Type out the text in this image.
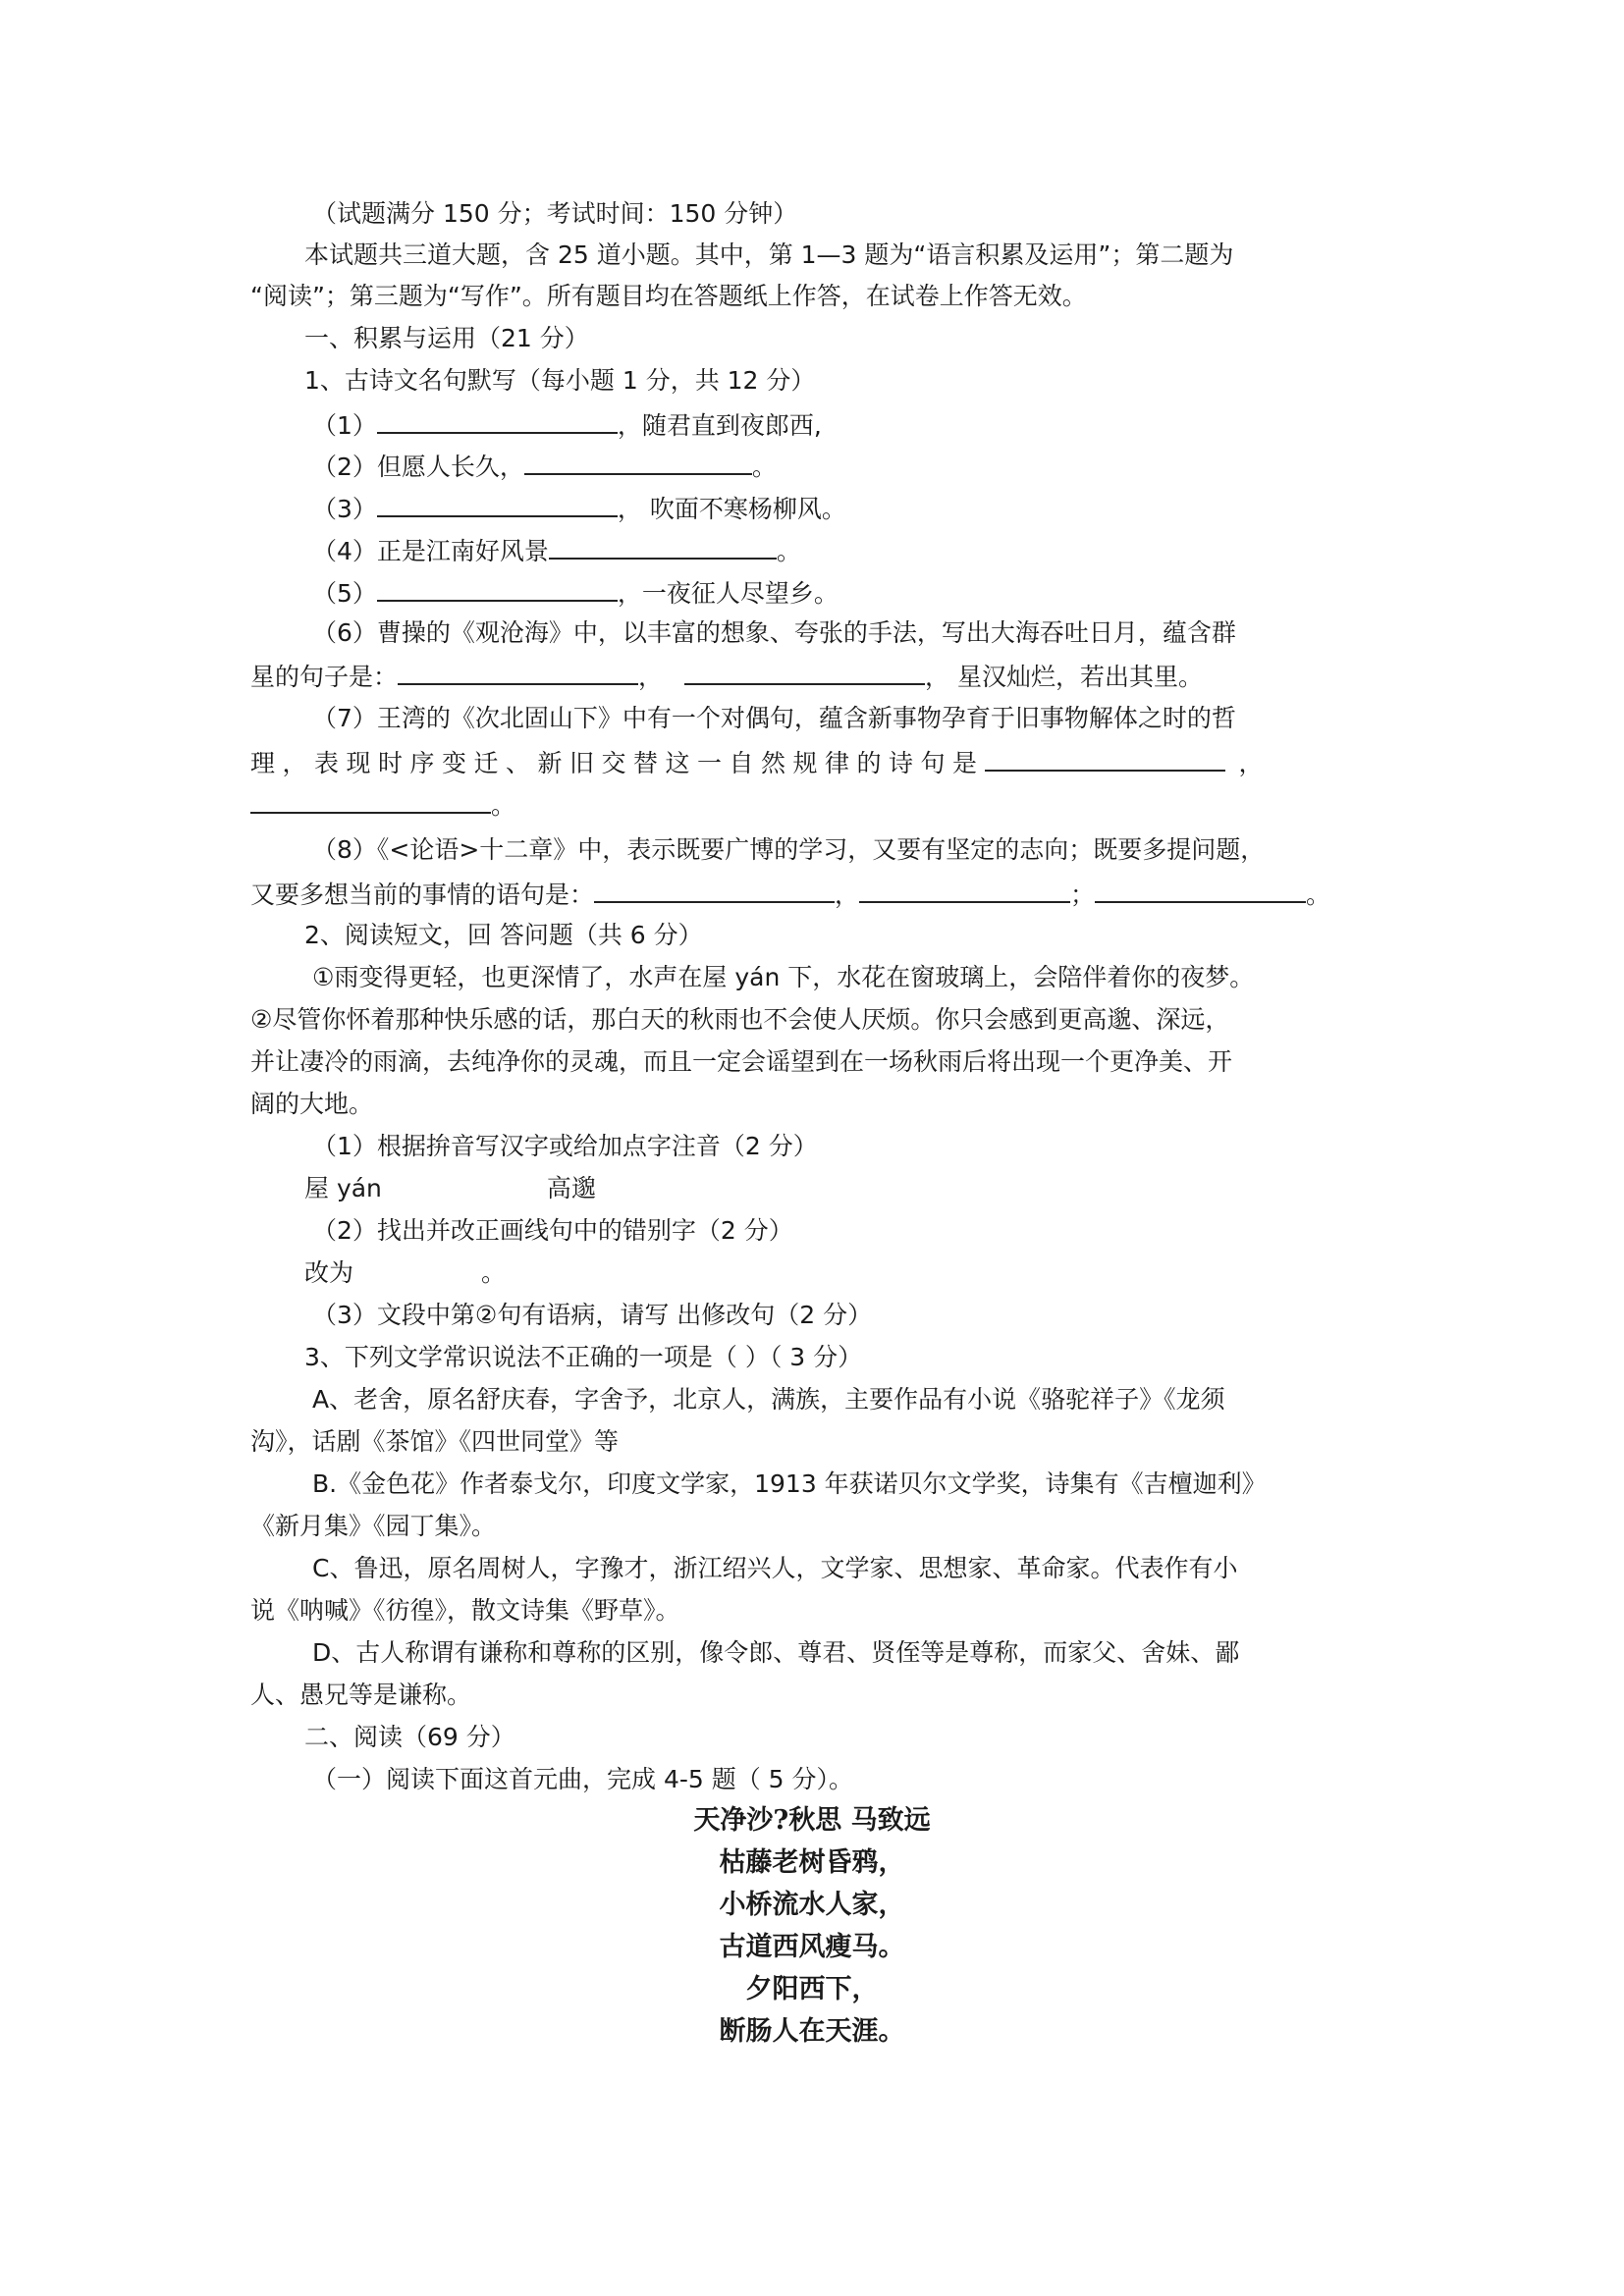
（试题满分 150 分；考试时间：150 分钟）
本试题共三道大题，含 25 道小题。其中，第 1—3 题为“语言积累及运用”；第二题为
“阅读”；第三题为“写作”。所有题目均在答题纸上作答，在试卷上作答无效。
一、积累与运用（21 分）
1、古诗文名句默写（每小题 1 分，共 12 分）
（1）	，随君直到夜郎西,
（2）但愿人长久，	。
（3）	， 吹面不寒杨柳风。
（4）正是江南好风景	。
（5）	，一夜征人尽望乡。
（6）曹操的《观沧海》中，以丰富的想象、夸张的手法，写出大海吞吐日月，蕴含群
星的句子是：	，	， 星汉灿烂，若出其里。
（7）王湾的《次北固山下》中有一个对偶句，蕴含新事物孕育于旧事物解体之时的哲
理，表现时序变迁、新旧交替这一自然规律的诗句是	，
。
（8）《<论语>十二章》中，表示既要广博的学习，又要有坚定的志向；既要多提问题，
又要多想当前的事情的语句是：	，	；	。
2、阅读短文，回 答问题（共 6 分）
①雨变得更轻，也更深情了，水声在屋 yán 下，水花在窗玻璃上，会陪伴着你的夜梦。
②尽管你怀着那种快乐感的话，那白天的秋雨也不会使人厌烦。你只会感到更高邈、深远，
并让凄冷的雨滴，去纯净你的灵魂，而且一定会谣望到在一场秋雨后将出现一个更净美、开
阔的大地。
（1）根据拚音写汉字或给加点字注音（2 分）
屋 yán	高邈
（2）找出并改正画线句中的错别字（2 分）
改为	。
（3）文段中第②句有语病，请写 出修改句（2 分）
3、下列文学常识说法不正确的一项是（ ）（ 3 分）
A、老舍，原名舒庆春，字舍予，北京人，满族，主要作品有小说《骆驼祥子》《龙须
沟》，话剧《茶馆》《四世同堂》等
B.《金色花》作者泰戈尔，印度文学家，1913 年获诺贝尔文学奖，诗集有《吉檀迦利》
《新月集》《园丁集》。
C、鲁迅，原名周树人，字豫才，浙江绍兴人，文学家、思想家、革命家。代表作有小
说《呐喊》《彷徨》，散文诗集《野草》。
D、古人称谓有谦称和尊称的区别，像令郎、尊君、贤侄等是尊称，而家父、舍妹、鄙
人、愚兄等是谦称。
二、阅读（69 分）
（一）阅读下面这首元曲，完成 4-5 题（ 5 分）。
天净沙?秋思 马致远
枯藤老树昏鸦，
小桥流水人家，
古道西风瘦马。
夕阳西下，
断肠人在天涯。
